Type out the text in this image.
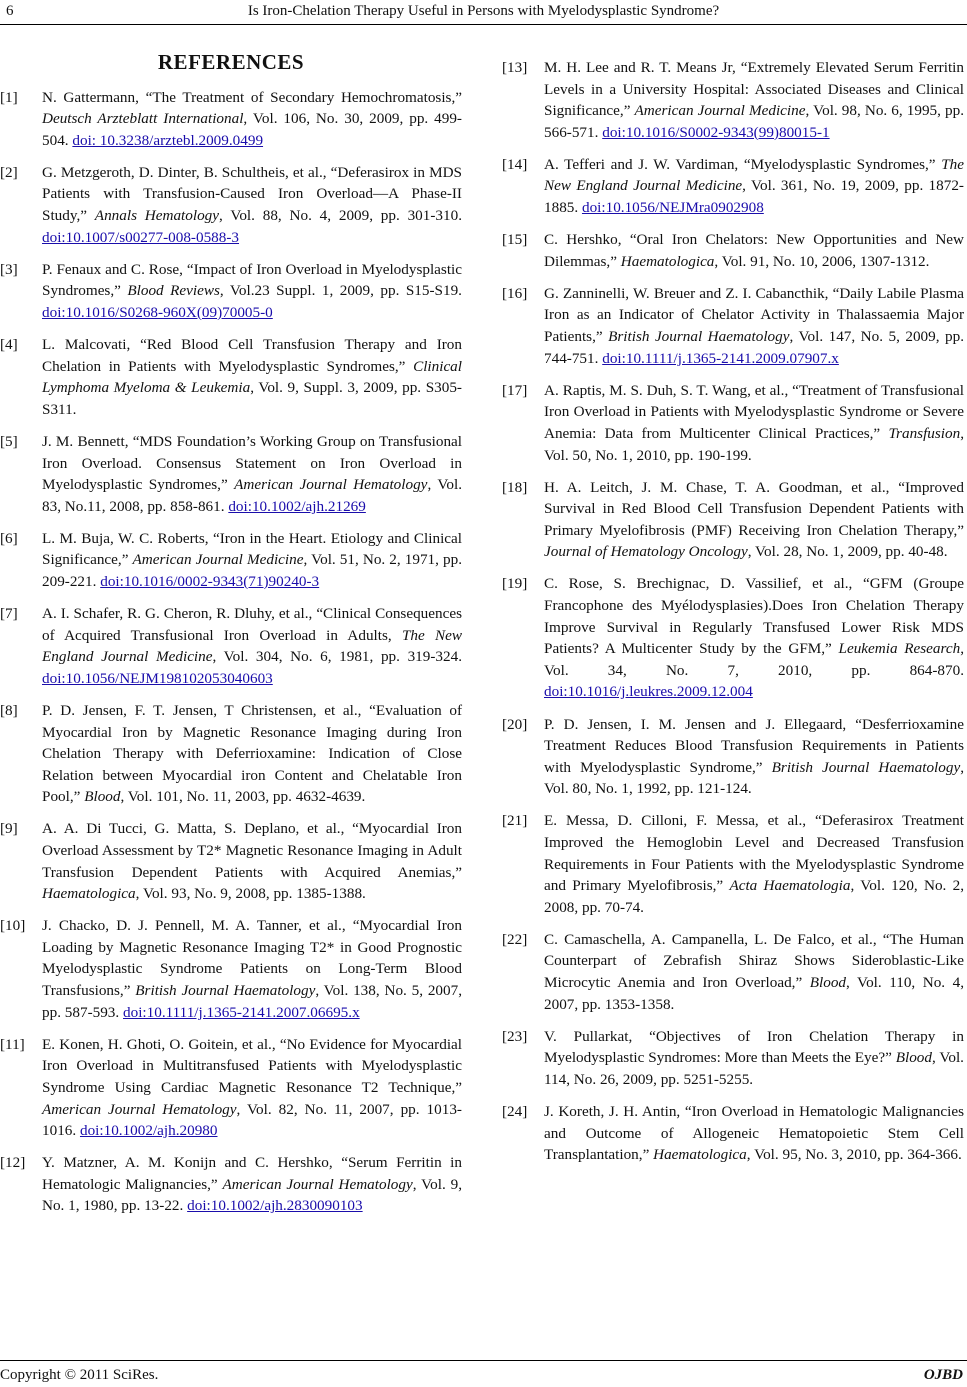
6	Is Iron-Chelation Therapy Useful in Persons with Myelodysplastic Syndrome?
REFERENCES
[1] N. Gattermann, “The Treatment of Secondary Hemochromatosis,” Deutsch Arzteblatt International, Vol. 106, No. 30, 2009, pp. 499-504. doi: 10.3238/arztebl.2009.0499
[2] G. Metzgeroth, D. Dinter, B. Schultheis, et al., “Deferasirox in MDS Patients with Transfusion-Caused Iron Overload—A Phase-II Study,” Annals Hematology, Vol. 88, No. 4, 2009, pp. 301-310. doi:10.1007/s00277-008-0588-3
[3] P. Fenaux and C. Rose, “Impact of Iron Overload in Myelodysplastic Syndromes,” Blood Reviews, Vol.23 Suppl. 1, 2009, pp. S15-S19. doi:10.1016/S0268-960X(09)70005-0
[4] L. Malcovati, “Red Blood Cell Transfusion Therapy and Iron Chelation in Patients with Myelodysplastic Syndromes,” Clinical Lymphoma Myeloma & Leukemia, Vol. 9, Suppl. 3, 2009, pp. S305-S311.
[5] J. M. Bennett, “MDS Foundation’s Working Group on Transfusional Iron Overload. Consensus Statement on Iron Overload in Myelodysplastic Syndromes,” American Journal Hematology, Vol. 83, No.11, 2008, pp. 858-861. doi:10.1002/ajh.21269
[6] L. M. Buja, W. C. Roberts, “Iron in the Heart. Etiology and Clinical Significance,” American Journal Medicine, Vol. 51, No. 2, 1971, pp. 209-221. doi:10.1016/0002-9343(71)90240-3
[7] A. I. Schafer, R. G. Cheron, R. Dluhy, et al., “Clinical Consequences of Acquired Transfusional Iron Overload in Adults, The New England Journal Medicine, Vol. 304, No. 6, 1981, pp. 319-324. doi:10.1056/NEJM198102053040603
[8] P. D. Jensen, F. T. Jensen, T Christensen, et al., “Evaluation of Myocardial Iron by Magnetic Resonance Imaging during Iron Chelation Therapy with Deferrioxamine: Indication of Close Relation between Myocardial iron Content and Chelatable Iron Pool,” Blood, Vol. 101, No. 11, 2003, pp. 4632-4639.
[9] A. A. Di Tucci, G. Matta, S. Deplano, et al., “Myocardial Iron Overload Assessment by T2* Magnetic Resonance Imaging in Adult Transfusion Dependent Patients with Acquired Anemias,” Haematologica, Vol. 93, No. 9, 2008, pp. 1385-1388.
[10] J. Chacko, D. J. Pennell, M. A. Tanner, et al., “Myocardial Iron Loading by Magnetic Resonance Imaging T2* in Good Prognostic Myelodysplastic Syndrome Patients on Long-Term Blood Transfusions,” British Journal Haematology, Vol. 138, No. 5, 2007, pp. 587-593. doi:10.1111/j.1365-2141.2007.06695.x
[11] E. Konen, H. Ghoti, O. Goitein, et al., “No Evidence for Myocardial Iron Overload in Multitransfused Patients with Myelodysplastic Syndrome Using Cardiac Magnetic Resonance T2 Technique,” American Journal Hematology, Vol. 82, No. 11, 2007, pp. 1013-1016. doi:10.1002/ajh.20980
[12] Y. Matzner, A. M. Konijn and C. Hershko, “Serum Ferritin in Hematologic Malignancies,” American Journal Hematology, Vol. 9, No. 1, 1980, pp. 13-22. doi:10.1002/ajh.2830090103
[13] M. H. Lee and R. T. Means Jr, “Extremely Elevated Serum Ferritin Levels in a University Hospital: Associated Diseases and Clinical Significance,” American Journal Medicine, Vol. 98, No. 6, 1995, pp. 566-571. doi:10.1016/S0002-9343(99)80015-1
[14] A. Tefferi and J. W. Vardiman, “Myelodysplastic Syndromes,” The New England Journal Medicine, Vol. 361, No. 19, 2009, pp. 1872-1885. doi:10.1056/NEJMra0902908
[15] C. Hershko, “Oral Iron Chelators: New Opportunities and New Dilemmas,” Haematologica, Vol. 91, No. 10, 2006, 1307-1312.
[16] G. Zanninelli, W. Breuer and Z. I. Cabancthik, “Daily Labile Plasma Iron as an Indicator of Chelator Activity in Thalassaemia Major Patients,” British Journal Haematology, Vol. 147, No. 5, 2009, pp. 744-751. doi:10.1111/j.1365-2141.2009.07907.x
[17] A. Raptis, M. S. Duh, S. T. Wang, et al., “Treatment of Transfusional Iron Overload in Patients with Myelodysplastic Syndrome or Severe Anemia: Data from Multicenter Clinical Practices,” Transfusion, Vol. 50, No. 1, 2010, pp. 190-199.
[18] H. A. Leitch, J. M. Chase, T. A. Goodman, et al., “Improved Survival in Red Blood Cell Transfusion Dependent Patients with Primary Myelofibrosis (PMF) Receiving Iron Chelation Therapy,” Journal of Hematology Oncology, Vol. 28, No. 1, 2009, pp. 40-48.
[19] C. Rose, S. Brechignac, D. Vassilief, et al., “GFM (Groupe Francophone des Myélodysplasies).Does Iron Chelation Therapy Improve Survival in Regularly Transfused Lower Risk MDS Patients? A Multicenter Study by the GFM,” Leukemia Research, Vol. 34, No. 7, 2010, pp. 864-870. doi:10.1016/j.leukres.2009.12.004
[20] P. D. Jensen, I. M. Jensen and J. Ellegaard, “Desferrioxamine Treatment Reduces Blood Transfusion Requirements in Patients with Myelodysplastic Syndrome,” British Journal Haematology, Vol. 80, No. 1, 1992, pp. 121-124.
[21] E. Messa, D. Cilloni, F. Messa, et al., “Deferasirox Treatment Improved the Hemoglobin Level and Decreased Transfusion Requirements in Four Patients with the Myelodysplastic Syndrome and Primary Myelofibrosis,” Acta Haematologia, Vol. 120, No. 2, 2008, pp. 70-74.
[22] C. Camaschella, A. Campanella, L. De Falco, et al., “The Human Counterpart of Zebrafish Shiraz Shows Sideroblastic-Like Microcytic Anemia and Iron Overload,” Blood, Vol. 110, No. 4, 2007, pp. 1353-1358.
[23] V. Pullarkat, “Objectives of Iron Chelation Therapy in Myelodysplastic Syndromes: More than Meets the Eye?” Blood, Vol. 114, No. 26, 2009, pp. 5251-5255.
[24] J. Koreth, J. H. Antin, “Iron Overload in Hematologic Malignancies and Outcome of Allogeneic Hematopoietic Stem Cell Transplantation,” Haematologica, Vol. 95, No. 3, 2010, pp. 364-366.
Copyright © 2011 SciRes.	OJBD
